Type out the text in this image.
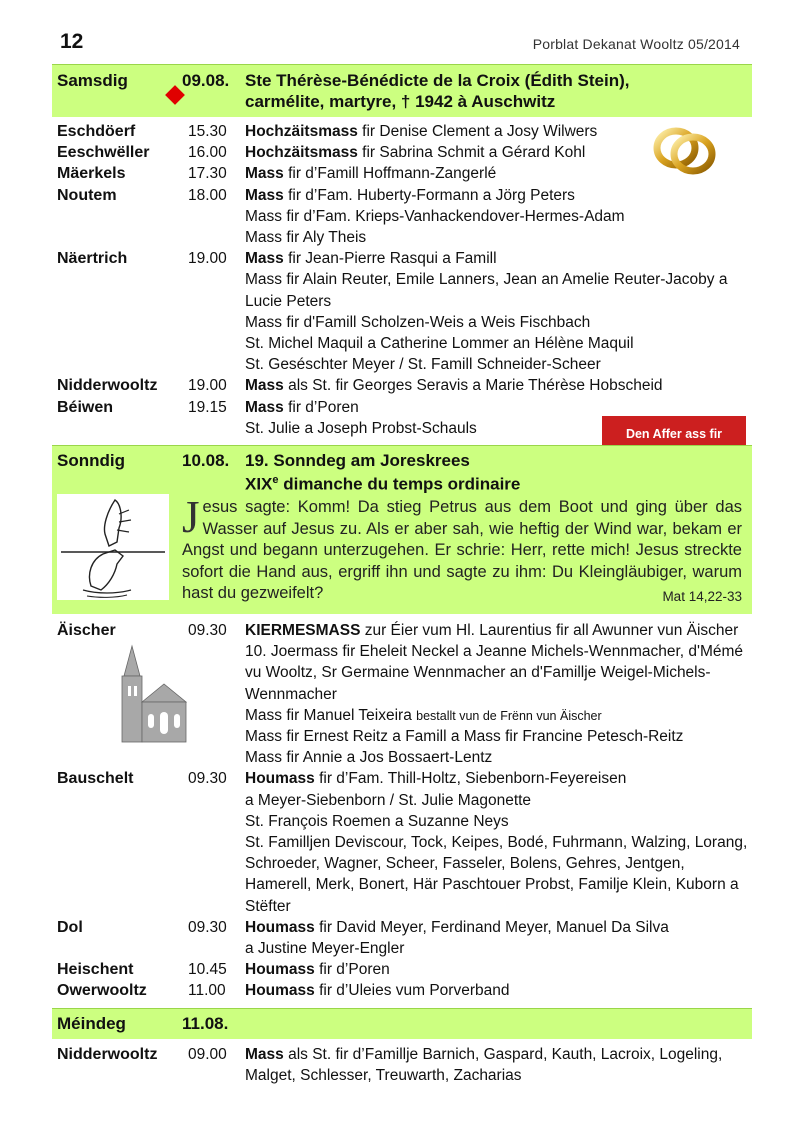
12	Porblat Dekanat Wooltz 05/2014
Samsdig	09.08. Ste Thérèse-Bénédicte de la Croix (Édith Stein),
carmélite, martyre, † 1942 à Auschwitz
Eschdöerf	15.30 Hochzäitsmass fir Denise Clement a Josy Wilwers
Eeschwëller 16.00 Hochzäitsmass fir Sabrina Schmit a Gérard Kohl
Mäerkels	17.30 Mass fir d’Famill Hoffmann-Zangerlé
Noutem	18.00 Mass fir d’Fam. Huberty-Formann a Jörg Peters
Mass fir d’Fam. Krieps-Vanhackendover-Hermes-Adam
Mass fir Aly Theis
Näertrich	19.00 Mass fir Jean-Pierre Rasqui a Famill
Mass fir Alain Reuter, Emile Lanners, Jean an Amelie Reuter-Jacoby a
Lucie Peters
Mass fir d'Famill Scholzen-Weis a Weis Fischbach
St. Michel Maquil a Catherine Lommer an Hélène Maquil
St. Geséschter Meyer / St. Famill Schneider-Scheer
Nidderwooltz 19.00 Mass als St. fir Georges Seravis a Marie Thérèse Hobscheid
Béiwen	19.15 Mass fir d’Poren
St. Julie a Joseph Probst-Schauls	Den Affer ass fir
Sonndig	10.08. 19. Sonndeg am Joreskrees
XIXe dimanche du temps ordinaire
Jesus sagte: Komm! Da stieg Petrus aus dem Boot und ging über das Wasser auf Jesus zu. Als er aber sah, wie heftig der Wind war, bekam er Angst und begann unterzugehen. Er schrie: Herr, rette mich! Jesus streckte sofort die Hand aus, ergriff ihn und sagte zu ihm: Du Kleingläubiger, warum hast du gezweifelt?	Mat 14,22-33
Äischer	09.30 KIERMESMASS zur Éier vum Hl. Laurentius fir all Awunner vun Äischer
10. Joermass fir Eheleit Neckel a Jeanne Michels-Wennmacher, d'Mémé
vu Wooltz, Sr Germaine Wennmacher an d'Famillje Weigel-Michels-
Wennmacher
Mass fir Manuel Teixeira bestallt vun de Frënn vun Äischer
Mass fir Ernest Reitz a Famill a Mass fir Francine Petesch-Reitz
Mass fir Annie a Jos Bossaert-Lentz
Bauschelt	09.30 Houmass fir d’Fam. Thill-Holtz, Siebenborn-Feyereisen
a Meyer-Siebenborn / St. Julie Magonette
St. François Roemen a Suzanne Neys
St. Familljen Deviscour, Tock, Keipes, Bodé, Fuhrmann, Walzing, Lorang,
Schroeder, Wagner, Scheer, Fasseler, Bolens, Gehres, Jentgen,
Hamerell, Merk, Bonert, Här Paschtouer Probst, Familje Klein, Kuborn a
Stëfter
Dol	09.30 Houmass fir David Meyer, Ferdinand Meyer, Manuel Da Silva
a Justine Meyer-Engler
Heischent	10.45 Houmass fir d’Poren
Owerwooltz	11.00 Houmass fir d’Uleies vum Porverband
Méindeg	11.08.
Nidderwooltz 09.00 Mass als St. fir d’Famillje Barnich, Gaspard, Kauth, Lacroix, Logeling,
Malget, Schlesser, Treuwarth, Zacharias
